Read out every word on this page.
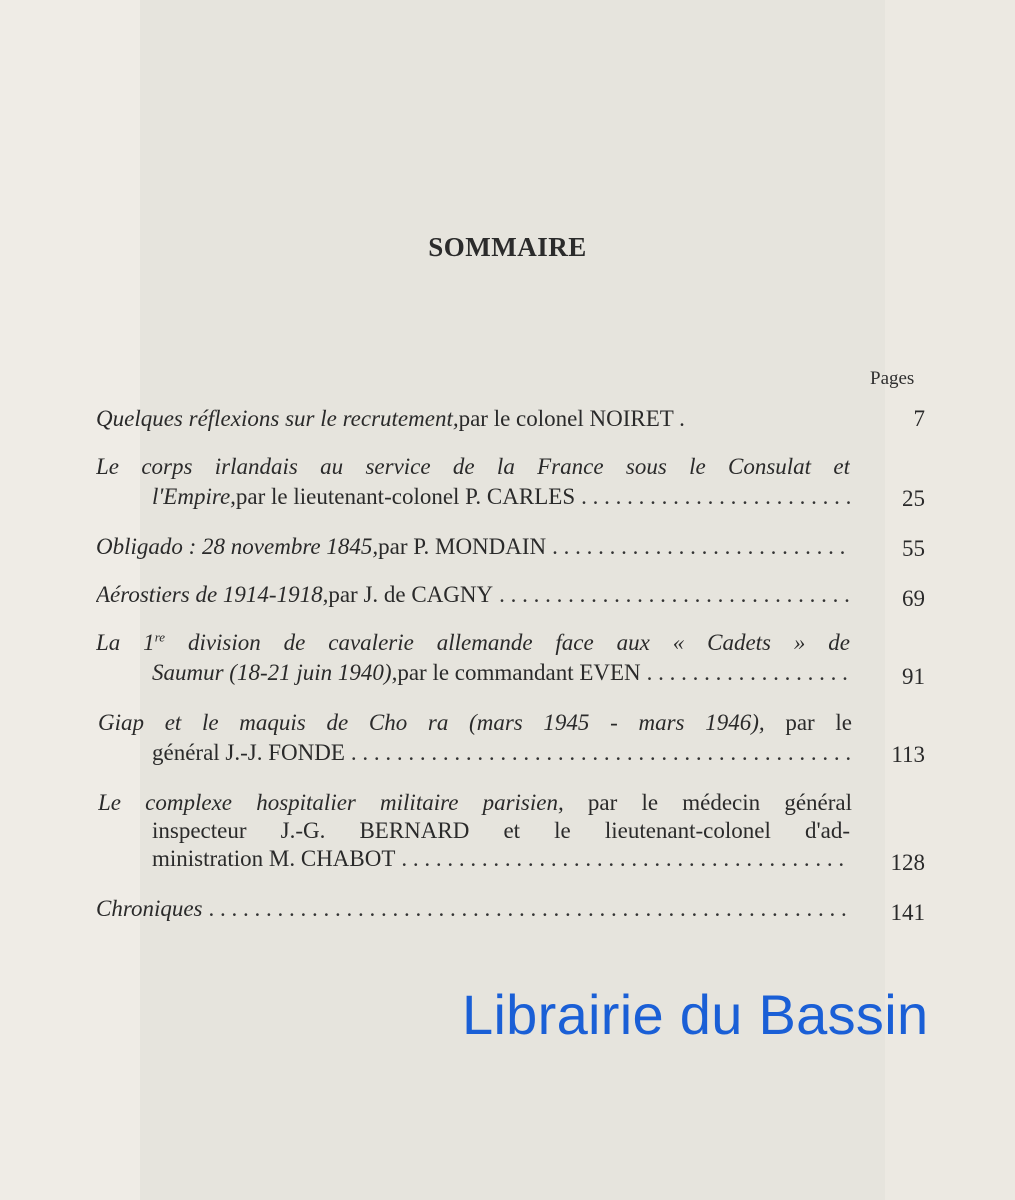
SOMMAIRE
Pages
Quelques réflexions sur le recrutement, par le colonel NOIRET .	7
Le corps irlandais au service de la France sous le Consulat et
l'Empire, par le lieutenant-colonel P. CARLES . . .	25
Obligado : 28 novembre 1845, par P. MONDAIN . . .	55
Aérostiers de 1914-1918, par J. de CAGNY . . .	69
La 1re division de cavalerie allemande face aux « Cadets » de
Saumur (18-21 juin 1940), par le commandant EVEN . . .	91
Giap et le maquis de Cho ra (mars 1945 - mars 1946), par le
général J.-J. FONDE . . .	113
Le complexe hospitalier militaire parisien, par le médecin général
inspecteur J.-G. BERNARD et le lieutenant-colonel d'ad-
ministration M. CHABOT . . .	128
Chroniques . . .	141
Librairie du Bassin
